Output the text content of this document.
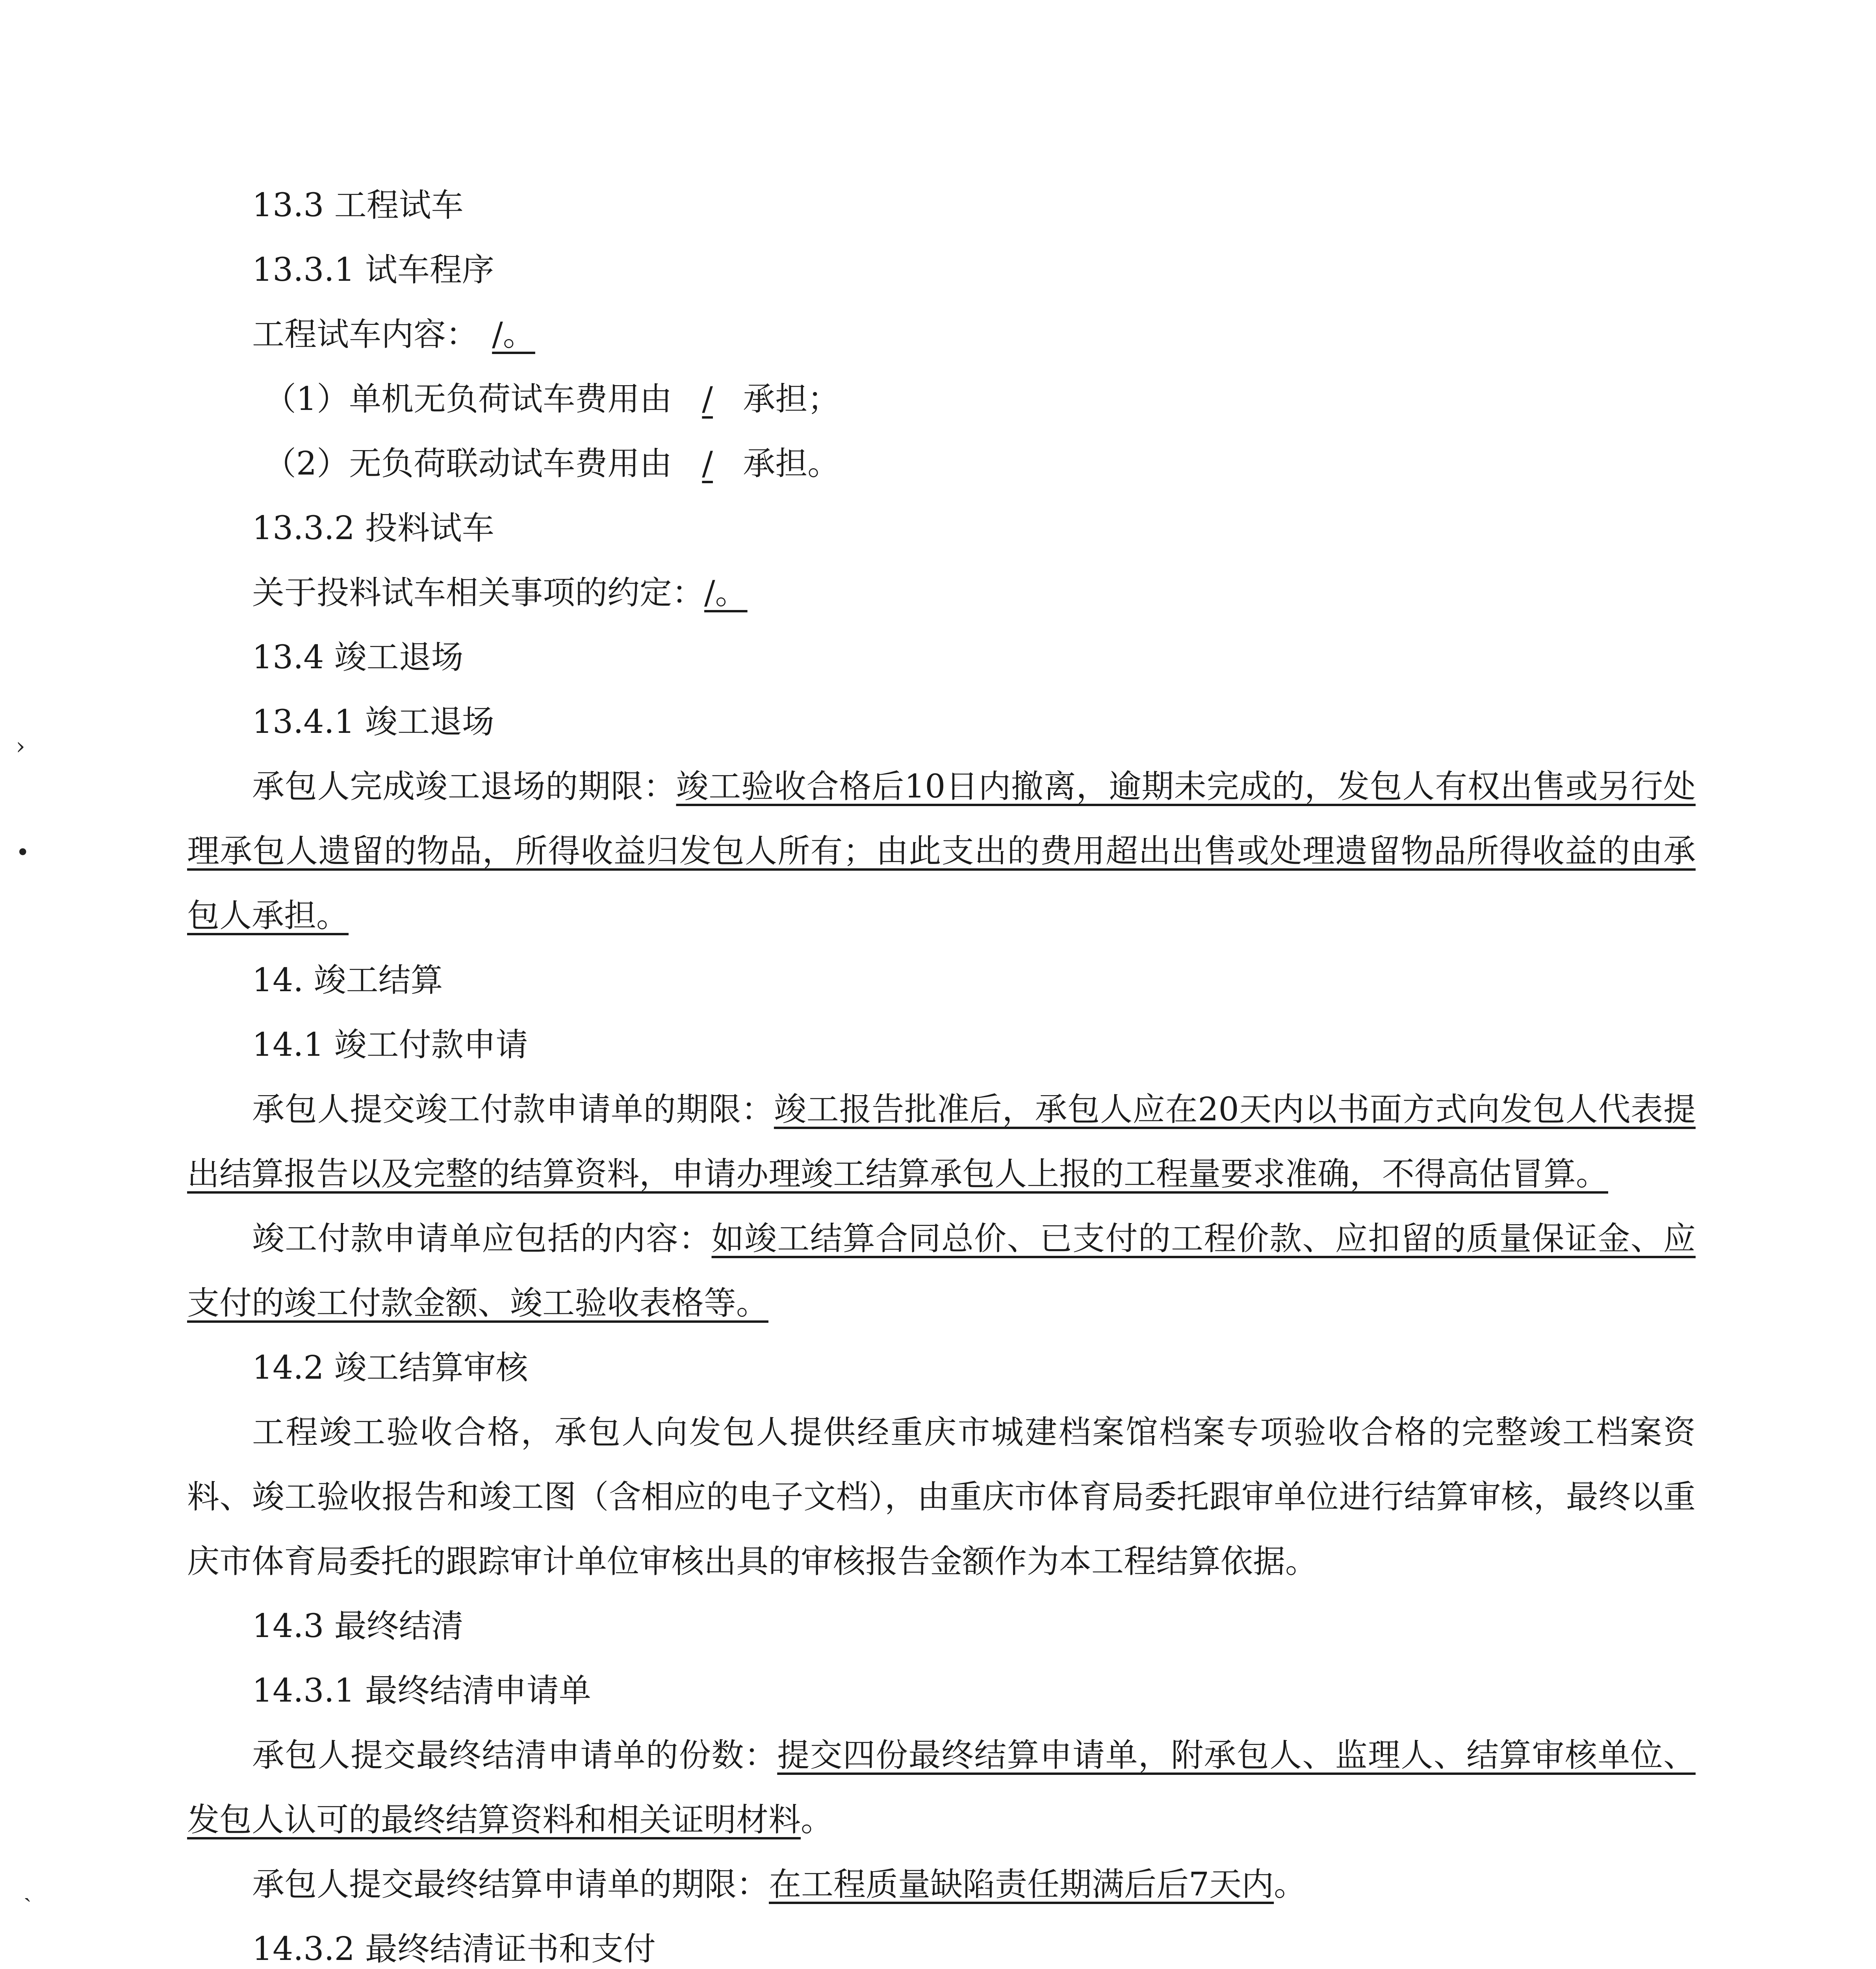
›
•
˴
13.3 工程试车
13.3.1 试车程序
工程试车内容： /。
（1）单机无负荷试车费用由 / 承担；
（2）无负荷联动试车费用由 / 承担。
13.3.2 投料试车
关于投料试车相关事项的约定：/。
13.4 竣工退场
13.4.1 竣工退场

承包人完成竣工退场的期限：竣工验收合格后10日内撤离，逾期未完成的，发包人有权出售或另行处理承包人遗留的物品，所得收益归发包人所有；由此支出的费用超出出售或处理遗留物品所得收益的由承包人承担。

14. 竣工结算
14.1 竣工付款申请

承包人提交竣工付款申请单的期限：竣工报告批准后，承包人应在20天内以书面方式向发包人代表提出结算报告以及完整的结算资料，申请办理竣工结算承包人上报的工程量要求准确，不得高估冒算。

竣工付款申请单应包括的内容：如竣工结算合同总价、已支付的工程价款、应扣留的质量保证金、应支付的竣工付款金额、竣工验收表格等。

14.2 竣工结算审核

工程竣工验收合格，承包人向发包人提供经重庆市城建档案馆档案专项验收合格的完整竣工档案资料、竣工验收报告和竣工图（含相应的电子文档），由重庆市体育局委托跟审单位进行结算审核，最终以重庆市体育局委托的跟踪审计单位审核出具的审核报告金额作为本工程结算依据。

14.3 最终结清
14.3.1 最终结清申请单

承包人提交最终结清申请单的份数：提交四份最终结算申请单，附承包人、监理人、结算审核单位、发包人认可的最终结算资料和相关证明材料。

承包人提交最终结算申请单的期限：在工程质量缺陷责任期满后后7天内。
14.3.2 最终结清证书和支付
